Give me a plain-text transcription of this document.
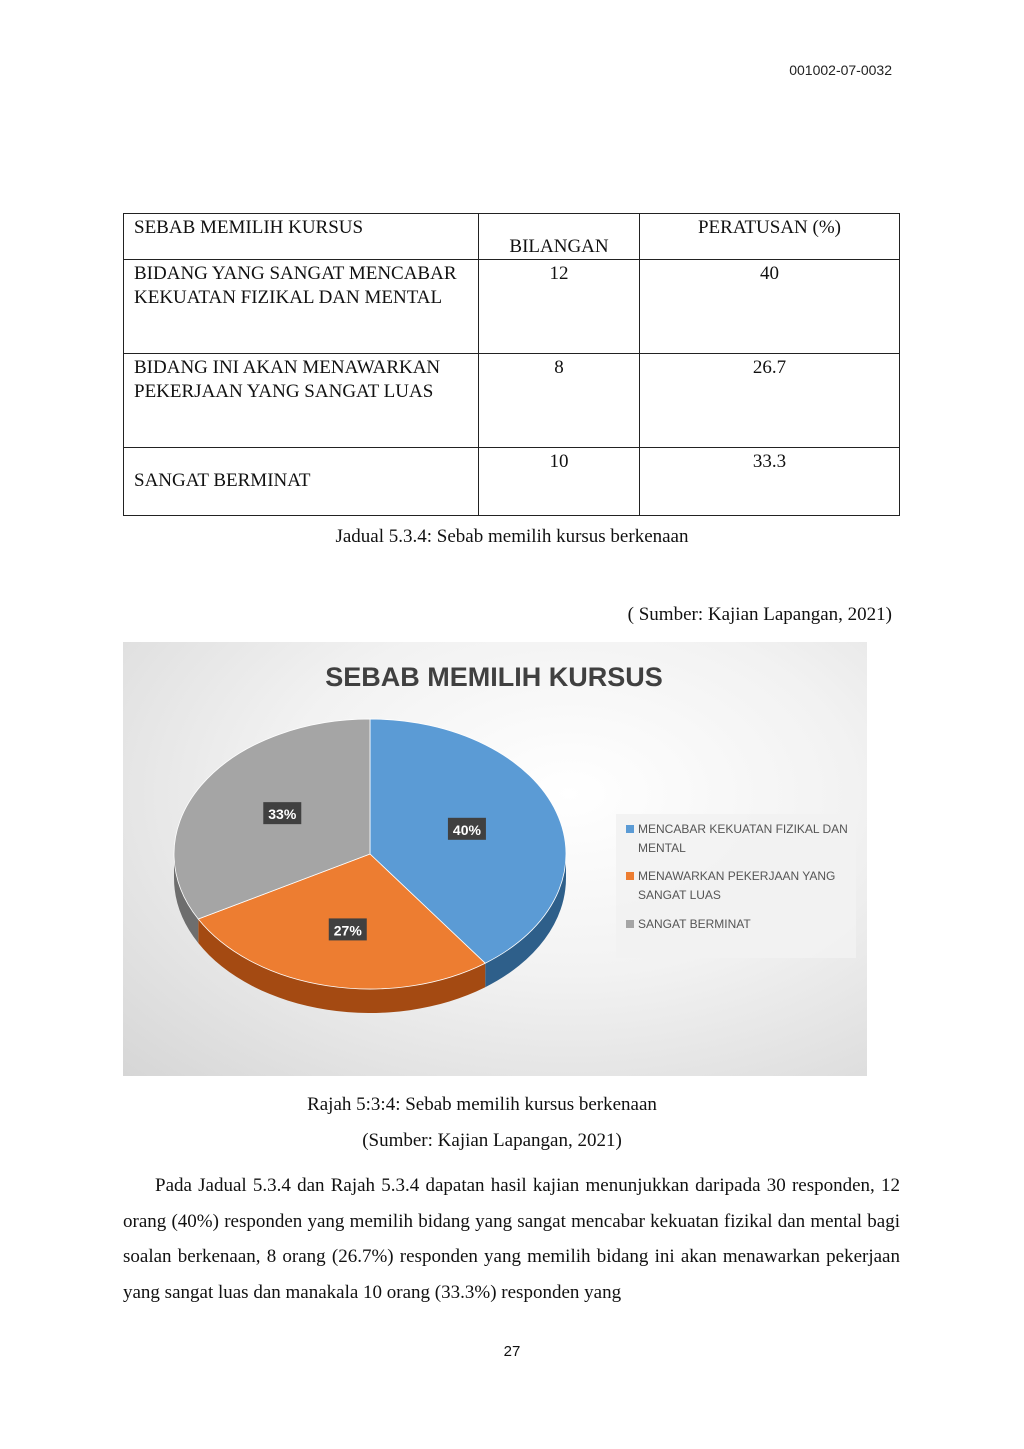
001002-07-0032
SEBAB MEMILIH KURSUS	BILANGAN	PERATUSAN (%)
BIDANG YANG SANGAT MENCABAR KEKUATAN FIZIKAL DAN MENTAL	12	40
BIDANG INI AKAN MENAWARKAN PEKERJAAN YANG SANGAT LUAS	8	26.7
SANGAT BERMINAT	10	33.3
Jadual 5.3.4: Sebab memilih kursus berkenaan
( Sumber: Kajian Lapangan, 2021)
SEBAB MEMILIH KURSUS
40%
27%
33%
MENCABAR KEKUATAN FIZIKAL DAN MENTAL
MENAWARKAN PEKERJAAN YANG SANGAT LUAS
SANGAT BERMINAT
Rajah 5:3:4: Sebab memilih kursus berkenaan
(Sumber: Kajian Lapangan, 2021)
Pada Jadual 5.3.4 dan Rajah 5.3.4 dapatan hasil kajian menunjukkan daripada 30 responden, 12 orang (40%) responden yang memilih bidang yang sangat mencabar kekuatan fizikal dan mental bagi soalan berkenaan, 8 orang (26.7%) responden yang memilih bidang ini akan menawarkan pekerjaan yang sangat luas dan manakala 10 orang (33.3%) responden yang
27
